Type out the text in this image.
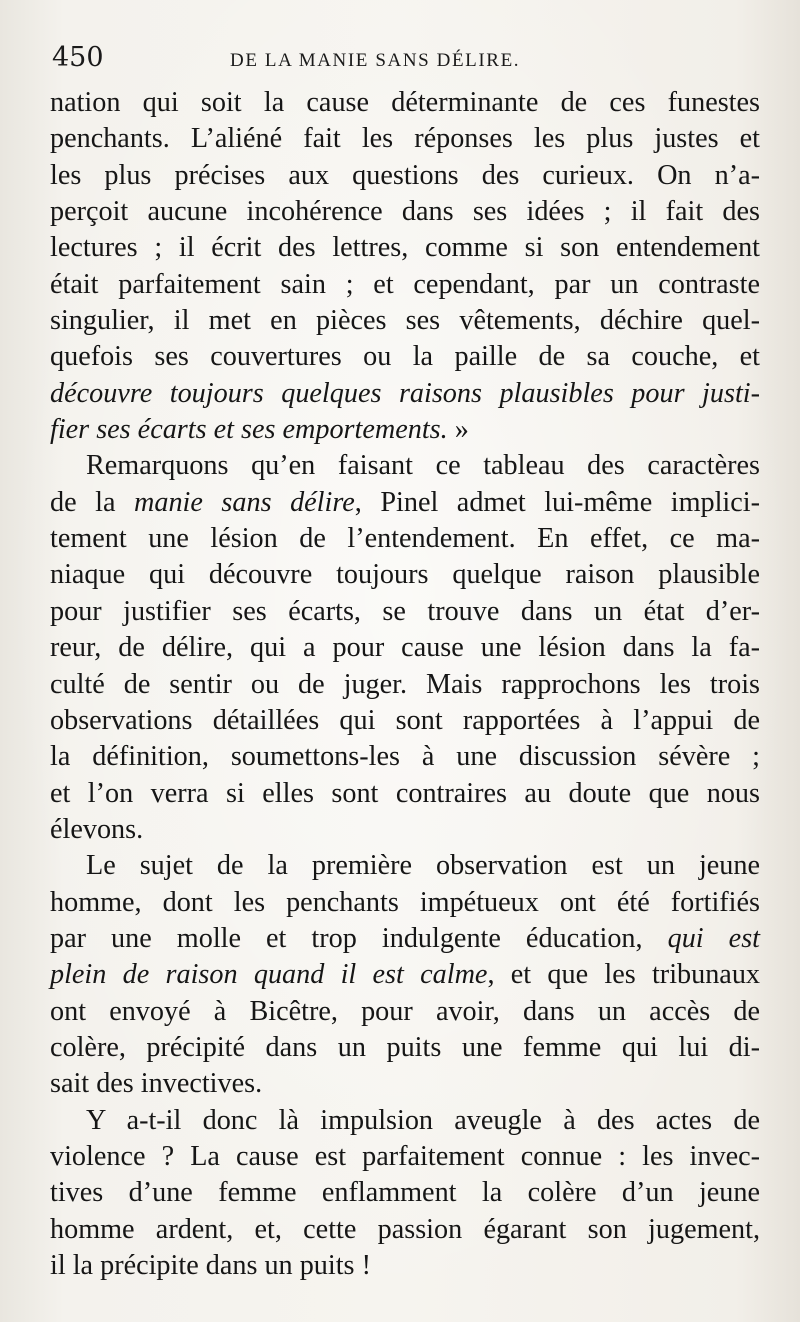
450	DE LA MANIE SANS DÉLIRE.
nation qui soit la cause déterminante de ces funestes
penchants. L’aliéné fait les réponses les plus justes et
les plus précises aux questions des curieux. On n’a-
perçoit aucune incohérence dans ses idées ; il fait des
lectures ; il écrit des lettres, comme si son entendement
était parfaitement sain ; et cependant, par un contraste
singulier, il met en pièces ses vêtements, déchire quel-
quefois ses couvertures ou la paille de sa couche, et
découvre toujours quelques raisons plausibles pour justi-
fier ses écarts et ses emportements. »
Remarquons qu’en faisant ce tableau des caractères
de la manie sans délire, Pinel admet lui-même implici-
tement une lésion de l’entendement. En effet, ce ma-
niaque qui découvre toujours quelque raison plausible
pour justifier ses écarts, se trouve dans un état d’er-
reur, de délire, qui a pour cause une lésion dans la fa-
culté de sentir ou de juger. Mais rapprochons les trois
observations détaillées qui sont rapportées à l’appui de
la définition, soumettons-les à une discussion sévère ;
et l’on verra si elles sont contraires au doute que nous
élevons.
Le sujet de la première observation est un jeune
homme, dont les penchants impétueux ont été fortifiés
par une molle et trop indulgente éducation, qui est
plein de raison quand il est calme, et que les tribunaux
ont envoyé à Bicêtre, pour avoir, dans un accès de
colère, précipité dans un puits une femme qui lui di-
sait des invectives.
Y a-t-il donc là impulsion aveugle à des actes de
violence ? La cause est parfaitement connue : les invec-
tives d’une femme enflamment la colère d’un jeune
homme ardent, et, cette passion égarant son jugement,
il la précipite dans un puits !
